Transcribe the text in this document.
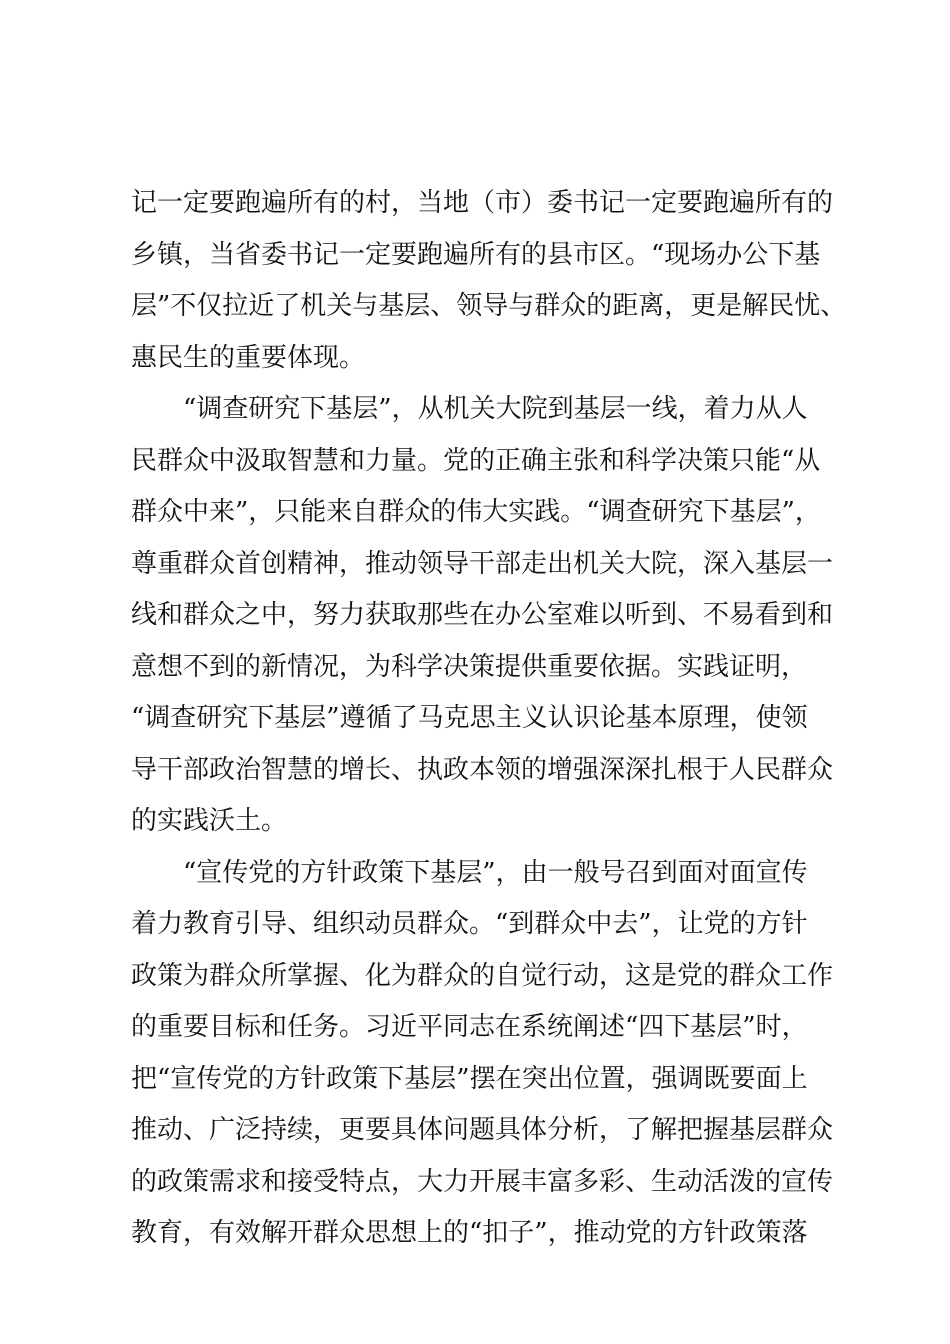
记一定要跑遍所有的村，当地（市）委书记一定要跑遍所有的
乡镇，当省委书记一定要跑遍所有的县市区。“现场办公下基
层”不仅拉近了机关与基层、领导与群众的距离，更是解民忧、
惠民生的重要体现。
“调查研究下基层”，从机关大院到基层一线，着力从人
民群众中汲取智慧和力量。党的正确主张和科学决策只能“从
群众中来”，只能来自群众的伟大实践。“调查研究下基层”，
尊重群众首创精神，推动领导干部走出机关大院，深入基层一
线和群众之中，努力获取那些在办公室难以听到、不易看到和
意想不到的新情况，为科学决策提供重要依据。实践证明，
“调查研究下基层”遵循了马克思主义认识论基本原理，使领
导干部政治智慧的增长、执政本领的增强深深扎根于人民群众
的实践沃土。
“宣传党的方针政策下基层”，由一般号召到面对面宣传
着力教育引导、组织动员群众。“到群众中去”，让党的方针
政策为群众所掌握、化为群众的自觉行动，这是党的群众工作
的重要目标和任务。习近平同志在系统阐述“四下基层”时，
把“宣传党的方针政策下基层”摆在突出位置，强调既要面上
推动、广泛持续，更要具体问题具体分析，了解把握基层群众
的政策需求和接受特点，大力开展丰富多彩、生动活泼的宣传
教育，有效解开群众思想上的“扣子”，推动党的方针政策落
